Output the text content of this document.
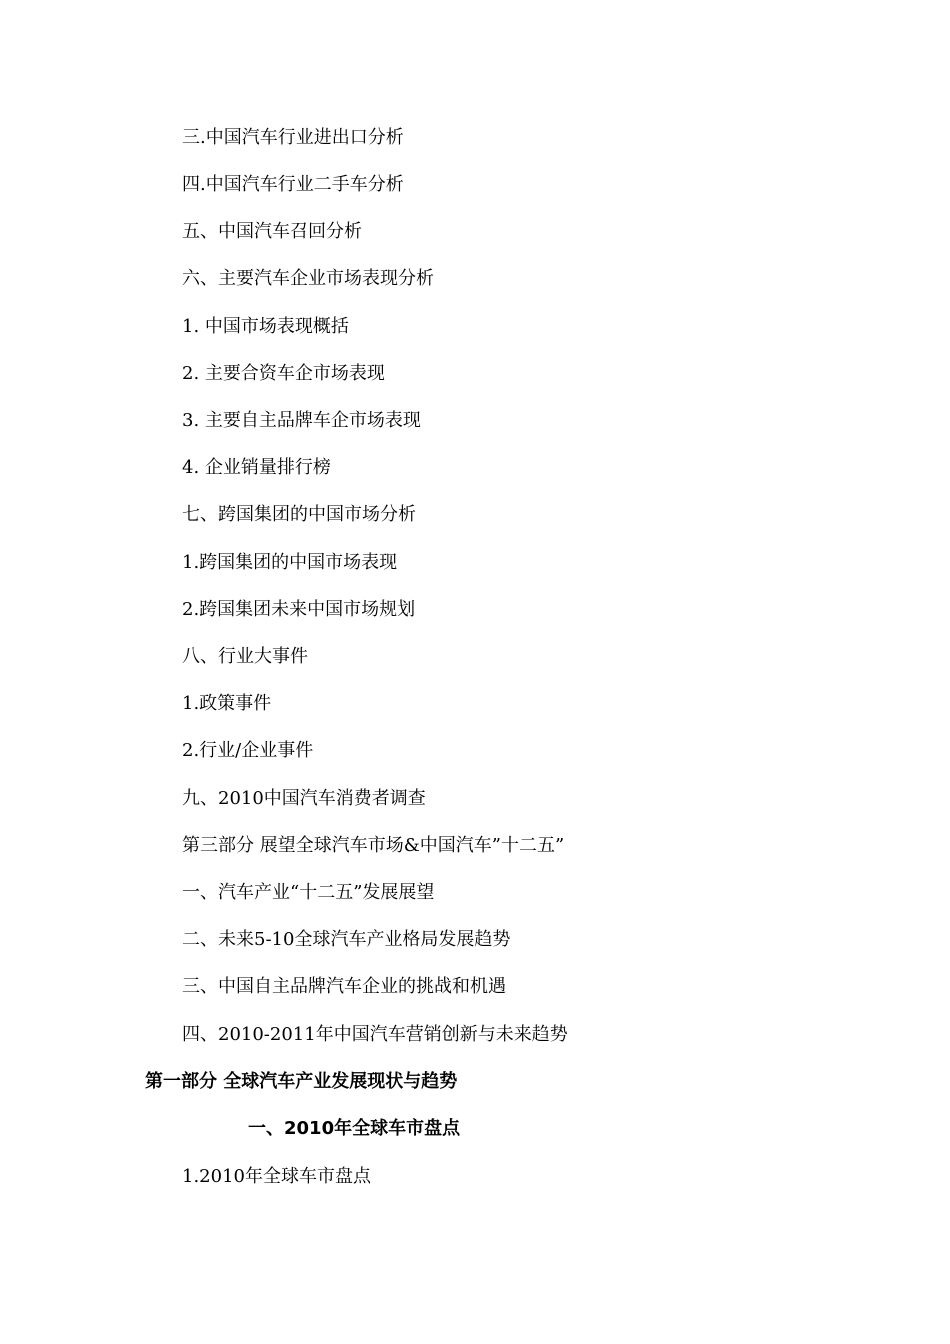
三.中国汽车行业进出口分析
四.中国汽车行业二手车分析
五、中国汽车召回分析
六、主要汽车企业市场表现分析
1. 中国市场表现概括
2. 主要合资车企市场表现
3. 主要自主品牌车企市场表现
4. 企业销量排行榜
七、跨国集团的中国市场分析
1.跨国集团的中国市场表现
2.跨国集团未来中国市场规划
八、行业大事件
1.政策事件
2.行业/企业事件
九、2010中国汽车消费者调查
第三部分 展望全球汽车市场&中国汽车”十二五”
一、汽车产业“十二五”发展展望
二、未来5-10全球汽车产业格局发展趋势
三、中国自主品牌汽车企业的挑战和机遇
四、2010-2011年中国汽车营销创新与未来趋势
第一部分 全球汽车产业发展现状与趋势
一、2010年全球车市盘点
1.2010年全球车市盘点
